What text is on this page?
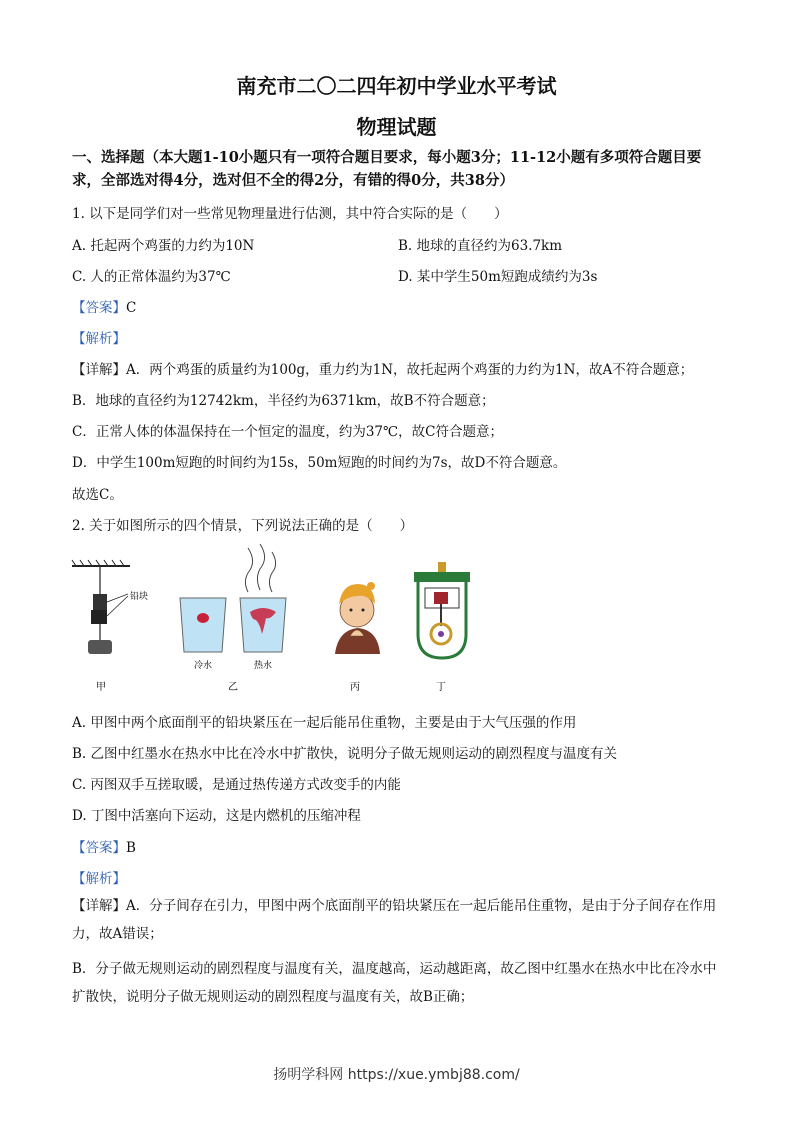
南充市二〇二四年初中学业水平考试
物理试题
一、选择题（本大题1-10小题只有一项符合题目要求，每小题3分；11-12小题有多项符合题目要求，全部选对得4分，选对但不全的得2分，有错的得0分，共38分）
1. 以下是同学们对一些常见物理量进行估测，其中符合实际的是（　　）
A. 托起两个鸡蛋的力约为10N	B. 地球的直径约为63.7km
C. 人的正常体温约为37℃	D. 某中学生50m短跑成绩约为3s
【答案】C
【解析】
【详解】A．两个鸡蛋的质量约为100g，重力约为1N，故托起两个鸡蛋的力约为1N，故A不符合题意；
B．地球的直径约为12742km，半径约为6371km，故B不符合题意；
C．正常人体的体温保持在一个恒定的温度，约为37℃，故C符合题意；
D．中学生100m短跑的时间约为15s，50m短跑的时间约为7s，故D不符合题意。
故选C。
2. 关于如图所示的四个情景，下列说法正确的是（　　）
铅块
甲
冷水	热水
乙	丙	丁
A. 甲图中两个底面削平的铅块紧压在一起后能吊住重物，主要是由于大气压强的作用
B. 乙图中红墨水在热水中比在冷水中扩散快，说明分子做无规则运动的剧烈程度与温度有关
C. 丙图双手互搓取暖，是通过热传递方式改变手的内能
D. 丁图中活塞向下运动，这是内燃机的压缩冲程
【答案】B
【解析】
【详解】A．分子间存在引力，甲图中两个底面削平的铅块紧压在一起后能吊住重物，是由于分子间存在作用力，故A错误；
B．分子做无规则运动的剧烈程度与温度有关，温度越高，运动越距离，故乙图中红墨水在热水中比在冷水中扩散快，说明分子做无规则运动的剧烈程度与温度有关，故B正确；
扬明学科网 https://xue.ymbj88.com/
